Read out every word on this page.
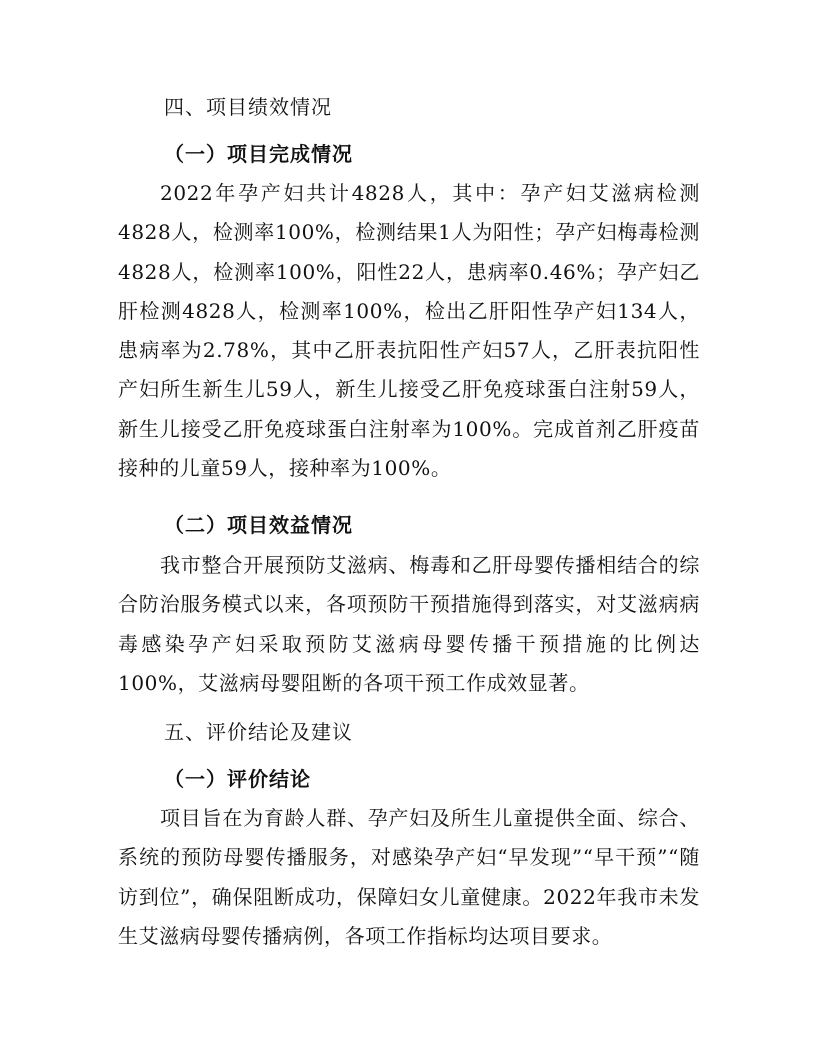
四、项目绩效情况
（一）项目完成情况
2022年孕产妇共计4828人，其中：孕产妇艾滋病检测4828人，检测率100%，检测结果1人为阳性；孕产妇梅毒检测4828人，检测率100%，阳性22人，患病率0.46%；孕产妇乙肝检测4828人，检测率100%，检出乙肝阳性孕产妇134人，患病率为2.78%，其中乙肝表抗阳性产妇57人，乙肝表抗阳性产妇所生新生儿59人，新生儿接受乙肝免疫球蛋白注射59人，新生儿接受乙肝免疫球蛋白注射率为100%。完成首剂乙肝疫苗接种的儿童59人，接种率为100%。
（二）项目效益情况
我市整合开展预防艾滋病、梅毒和乙肝母婴传播相结合的综合防治服务模式以来，各项预防干预措施得到落实，对艾滋病病毒感染孕产妇采取预防艾滋病母婴传播干预措施的比例达100%，艾滋病母婴阻断的各项干预工作成效显著。
五、评价结论及建议
（一）评价结论
项目旨在为育龄人群、孕产妇及所生儿童提供全面、综合、系统的预防母婴传播服务，对感染孕产妇“早发现”“早干预”“随访到位”，确保阻断成功，保障妇女儿童健康。2022年我市未发生艾滋病母婴传播病例，各项工作指标均达项目要求。
